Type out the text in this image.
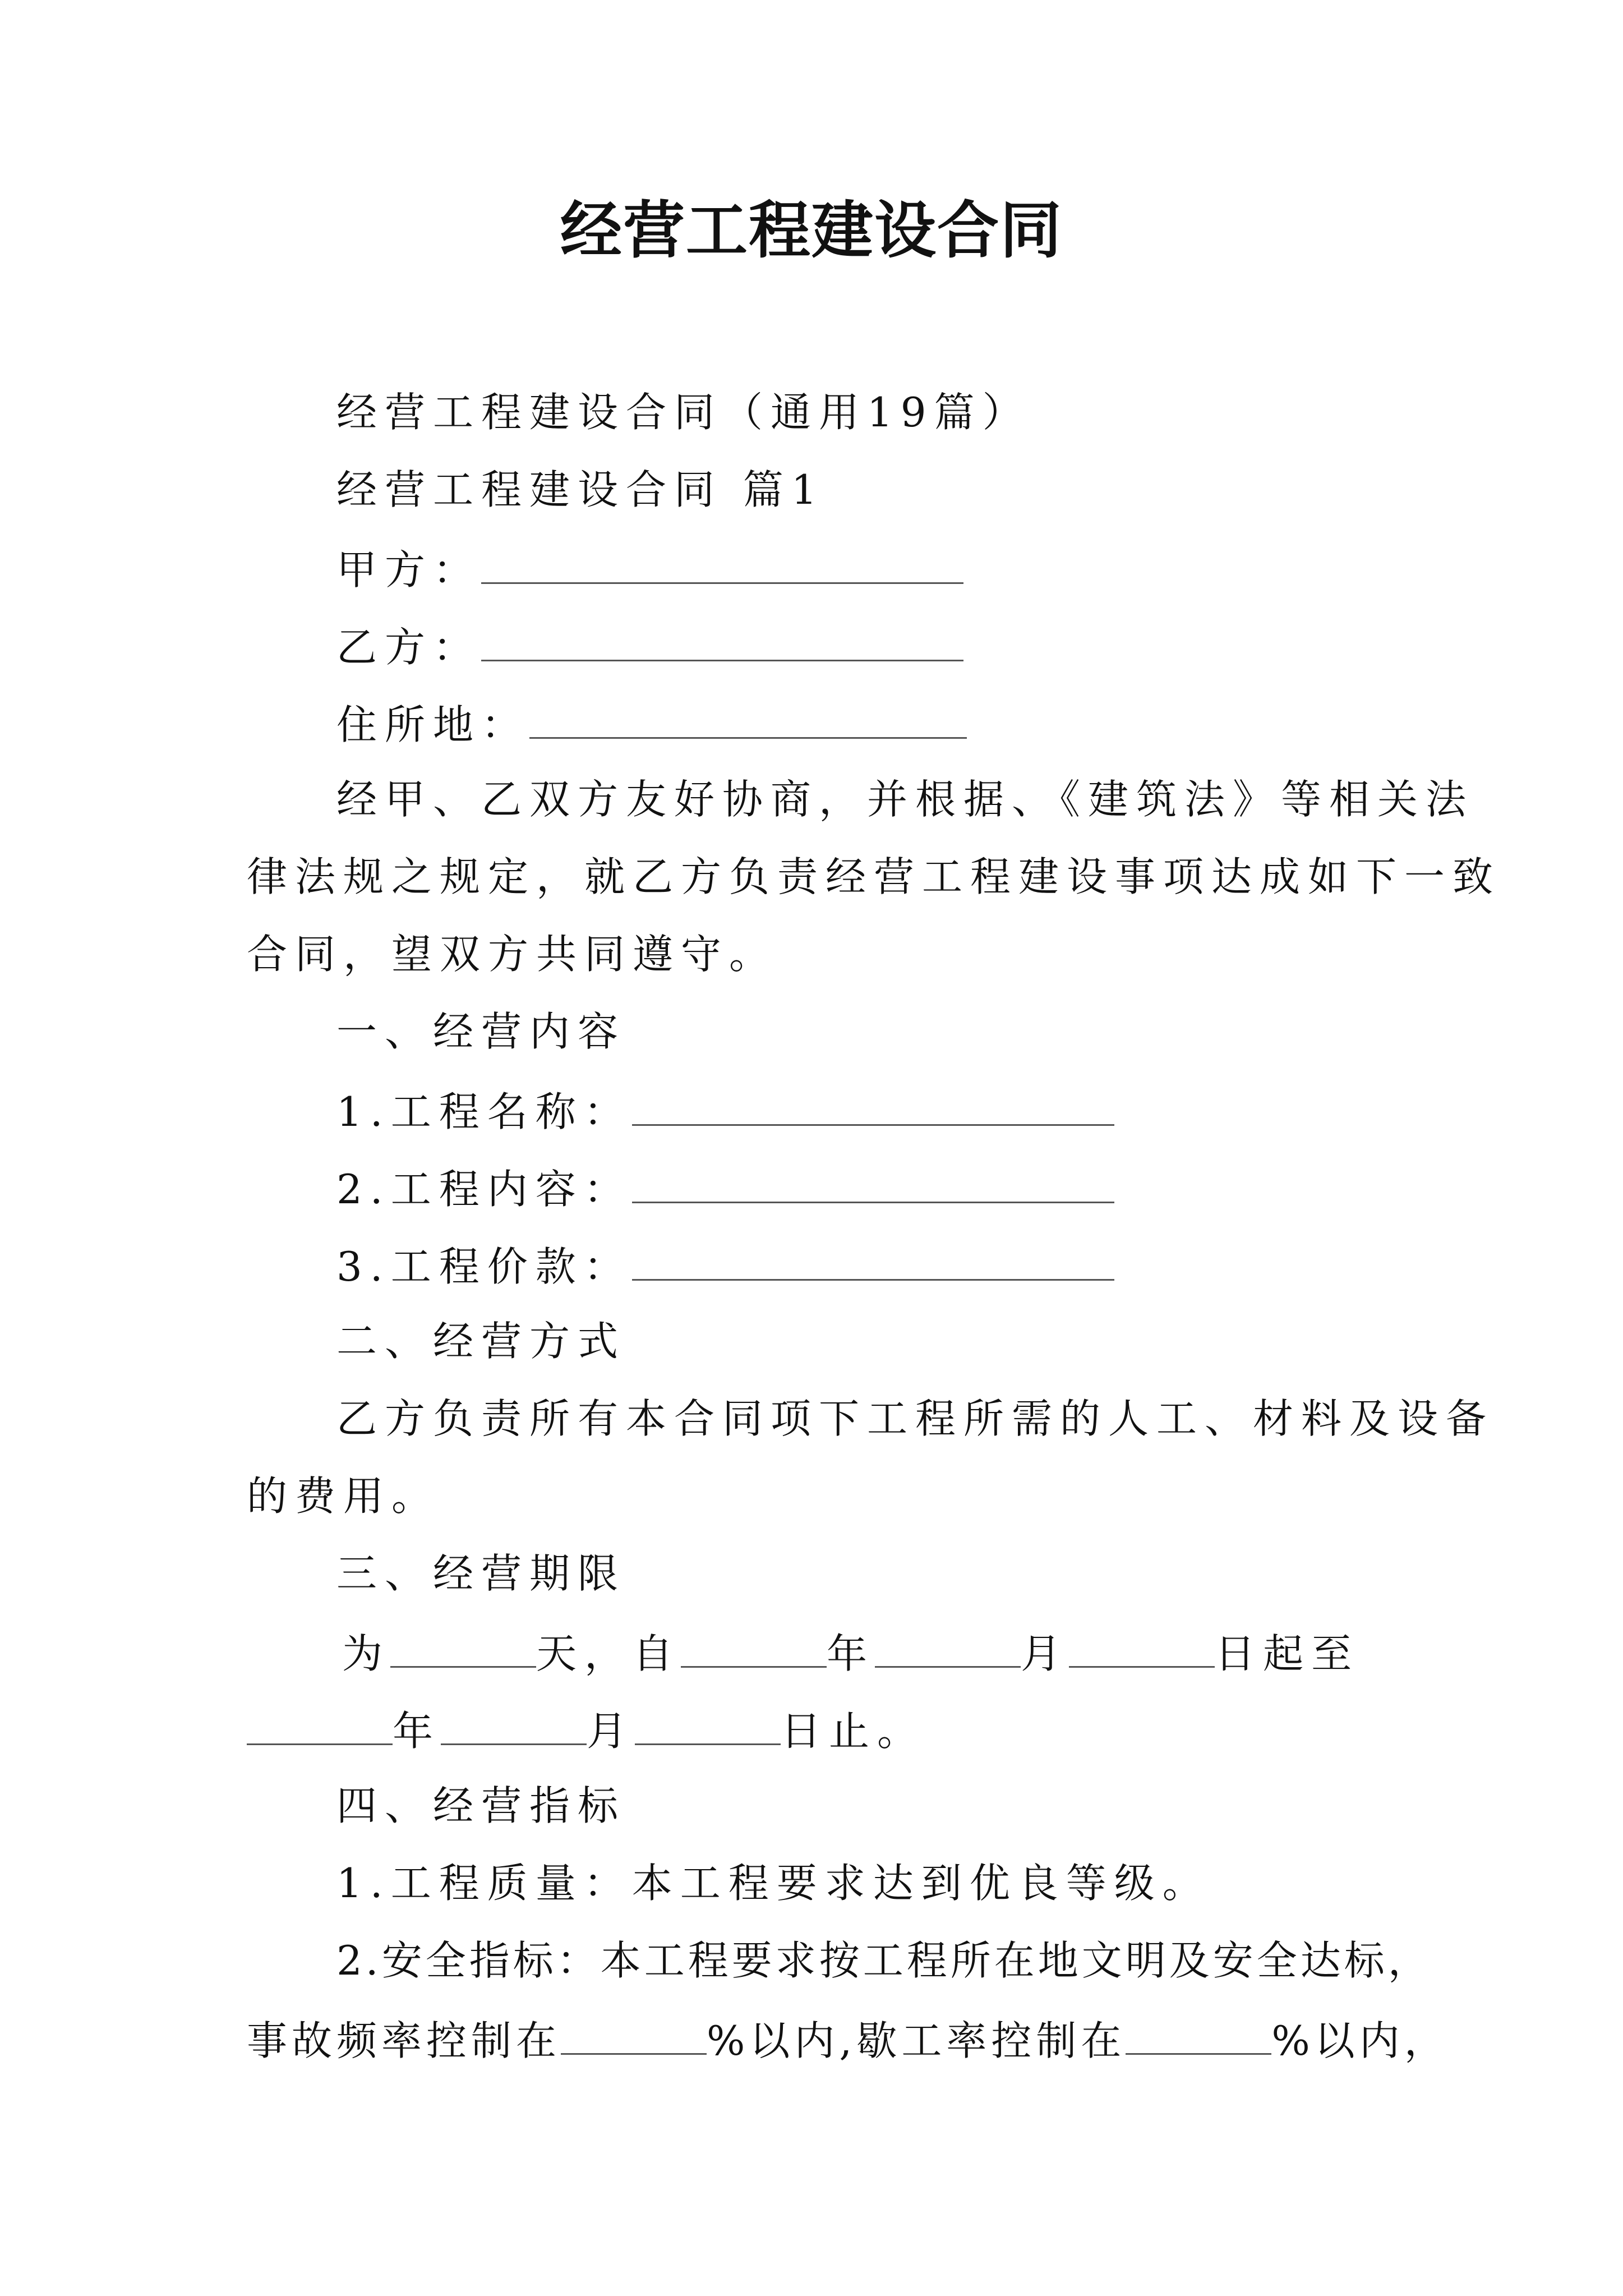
经营工程建设合同
经营工程建设合同（通用19篇）
经营工程建设合同 篇1
甲方：
乙方：
住所地：
经甲、乙双方友好协商，并根据、《建筑法》等相关法
律法规之规定，就乙方负责经营工程建设事项达成如下一致
合同，望双方共同遵守。
一、经营内容
1.工程名称：
2.工程内容：
3.工程价款：
二、经营方式
乙方负责所有本合同项下工程所需的人工、材料及设备
的费用。
三、经营期限
为	天，自	年	月	日起至
年	月	日止。
四、经营指标
1.工程质量：本工程要求达到优良等级。
2.安全指标：本工程要求按工程所在地文明及安全达标，
事故频率控制在	%以内,歇工率控制在	%以内，
